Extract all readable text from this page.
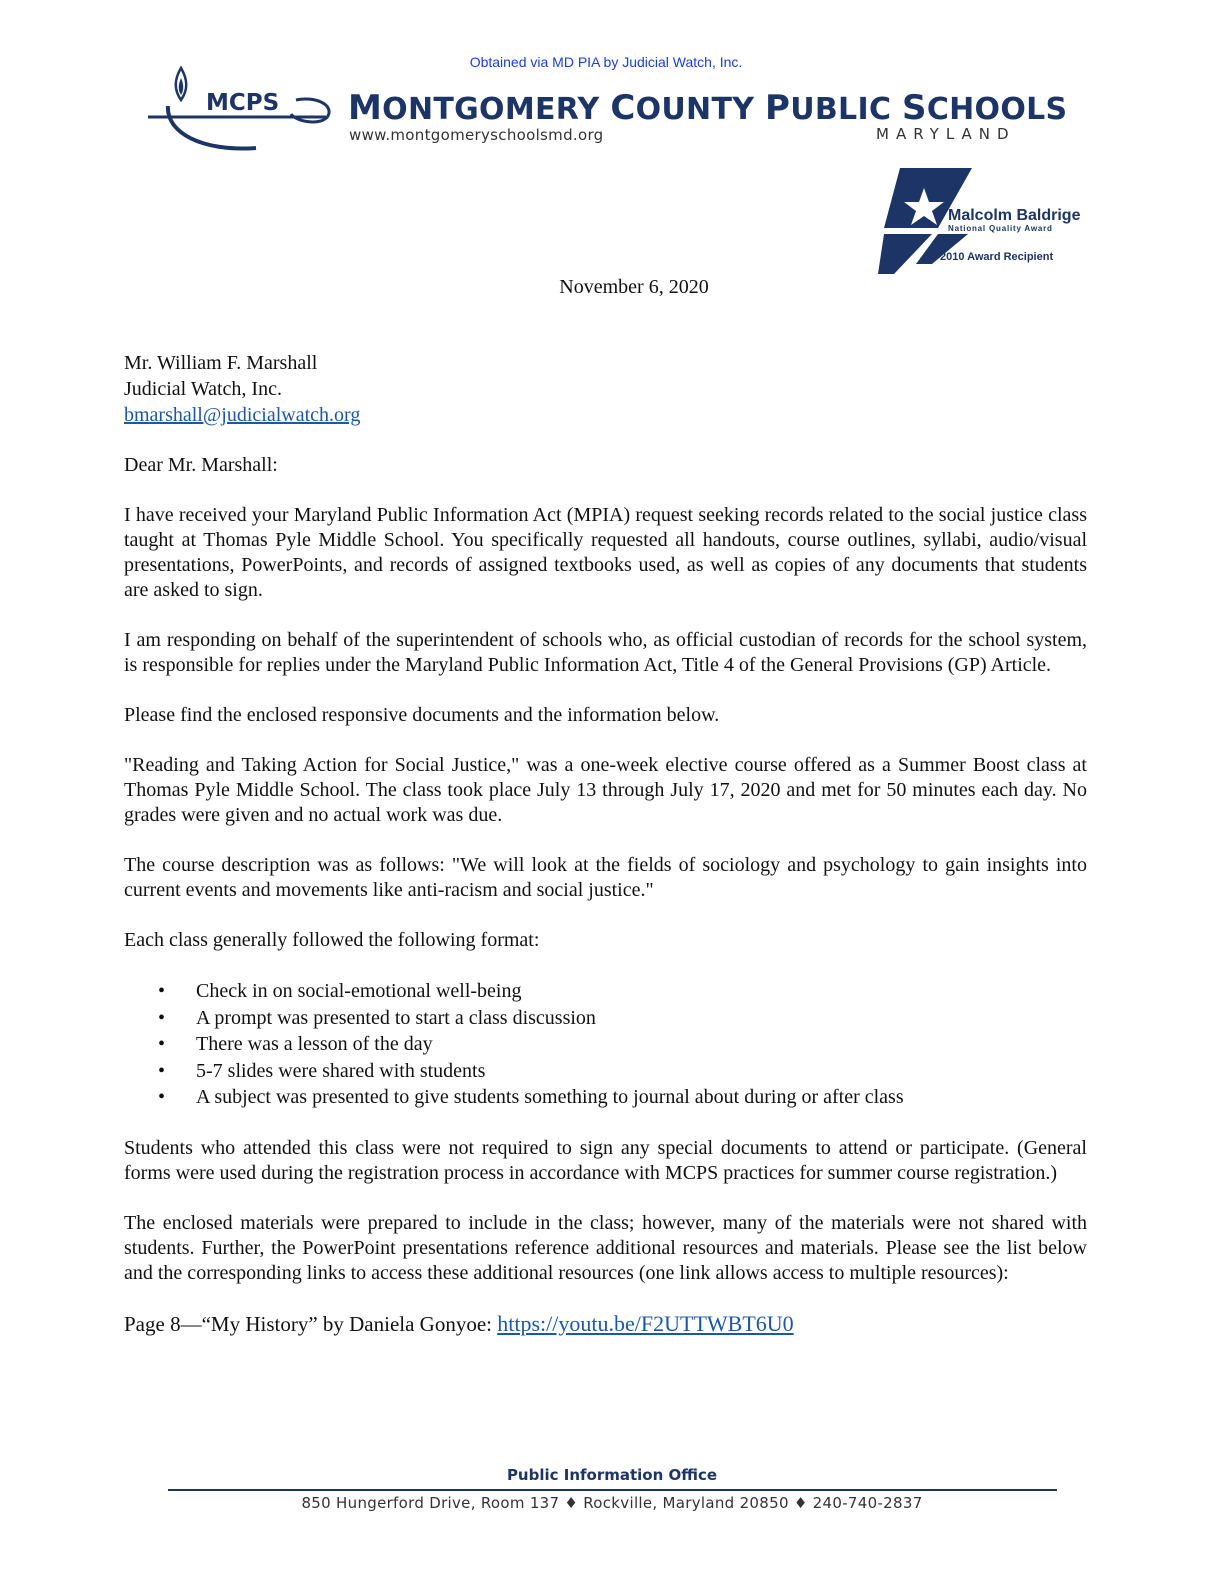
Obtained via MD PIA by Judicial Watch, Inc.
MCPS MONTGOMERY COUNTY PUBLIC SCHOOLS
www.montgomeryschoolsmd.org	MARYLAND
Malcolm Baldrige
National Quality Award
2010 Award Recipient
November 6, 2020
Mr. William F. Marshall
Judicial Watch, Inc.
bmarshall@judicialwatch.org

Dear Mr. Marshall:

I have received your Maryland Public Information Act (MPIA) request seeking records related to the social justice class taught at Thomas Pyle Middle School. You specifically requested all handouts, course outlines, syllabi, audio/visual presentations, PowerPoints, and records of assigned textbooks used, as well as copies of any documents that students are asked to sign.

I am responding on behalf of the superintendent of schools who, as official custodian of records for the school system, is responsible for replies under the Maryland Public Information Act, Title 4 of the General Provisions (GP) Article.

Please find the enclosed responsive documents and the information below.

"Reading and Taking Action for Social Justice," was a one-week elective course offered as a Summer Boost class at Thomas Pyle Middle School. The class took place July 13 through July 17, 2020 and met for 50 minutes each day. No grades were given and no actual work was due.

The course description was as follows: "We will look at the fields of sociology and psychology to gain insights into current events and movements like anti-racism and social justice."

Each class generally followed the following format:

• Check in on social-emotional well-being
• A prompt was presented to start a class discussion
• There was a lesson of the day
• 5-7 slides were shared with students
• A subject was presented to give students something to journal about during or after class

Students who attended this class were not required to sign any special documents to attend or participate. (General forms were used during the registration process in accordance with MCPS practices for summer course registration.)

The enclosed materials were prepared to include in the class; however, many of the materials were not shared with students. Further, the PowerPoint presentations reference additional resources and materials. Please see the list below and the corresponding links to access these additional resources (one link allows access to multiple resources):

Page 8—“My History” by Daniela Gonyoe: https://youtu.be/F2UTTWBT6U0

Public Information Office
850 Hungerford Drive, Room 137 ♦ Rockville, Maryland 20850 ♦ 240-740-2837
